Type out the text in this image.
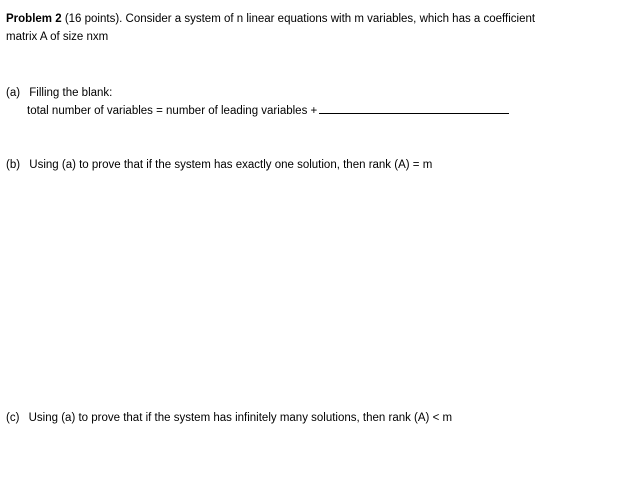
Problem 2 (16 points). Consider a system of n linear equations with m variables, which has a coefficient
matrix A of size nxm
(a) Filling the blank:
total number of variables = number of leading variables +
(b) Using (a) to prove that if the system has exactly one solution, then rank (A) = m
(c) Using (a) to prove that if the system has infinitely many solutions, then rank (A) < m
